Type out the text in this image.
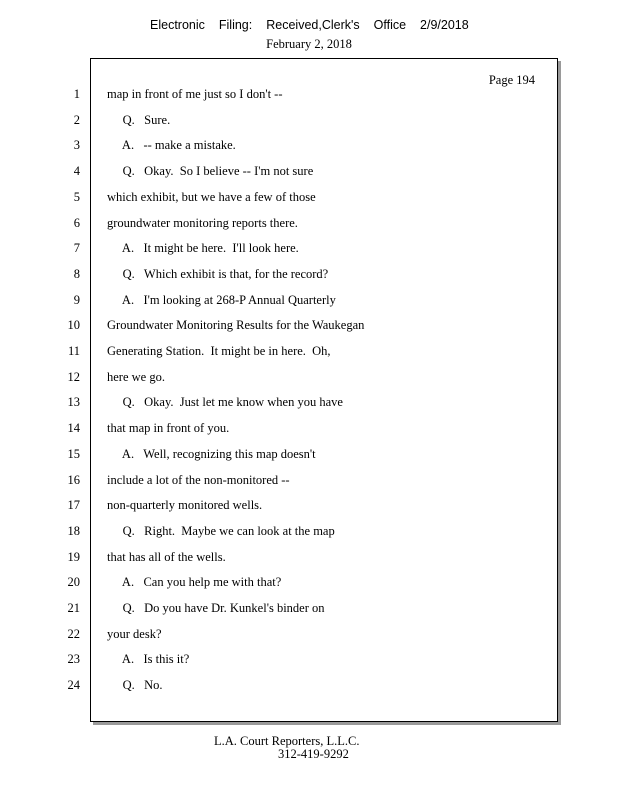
Electronic Filing: Received,Clerk's Office 2/9/2018
February 2, 2018
Page 194
1 map in front of me just so I don't --
2 Q.   Sure.
3 A.   -- make a mistake.
4 Q.   Okay.  So I believe -- I'm not sure
5 which exhibit, but we have a few of those
6 groundwater monitoring reports there.
7 A.   It might be here.  I'll look here.
8 Q.   Which exhibit is that, for the record?
9 A.   I'm looking at 268-P Annual Quarterly
10 Groundwater Monitoring Results for the Waukegan
11 Generating Station.  It might be in here.  Oh,
12 here we go.
13 Q.   Okay.  Just let me know when you have
14 that map in front of you.
15 A.   Well, recognizing this map doesn't
16 include a lot of the non-monitored --
17 non-quarterly monitored wells.
18 Q.   Right.  Maybe we can look at the map
19 that has all of the wells.
20 A.   Can you help me with that?
21 Q.   Do you have Dr. Kunkel's binder on
22 your desk?
23 A.   Is this it?
24 Q.   No.
L.A. Court Reporters, L.L.C.
312-419-9292
